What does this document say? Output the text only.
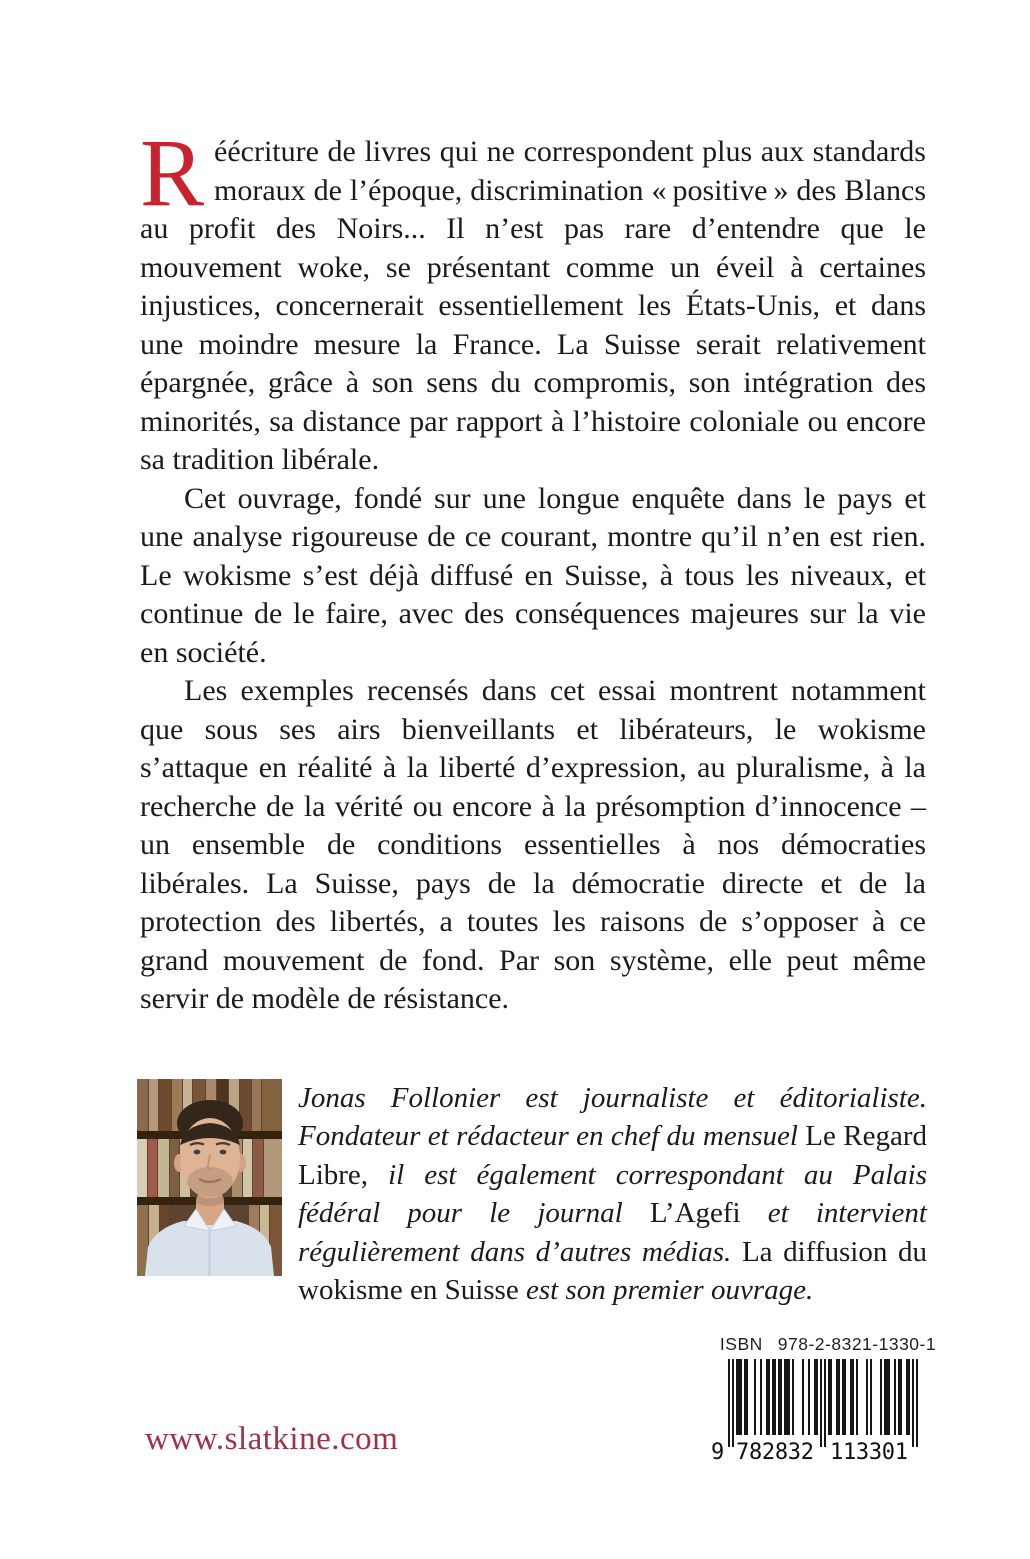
Réécriture de livres qui ne correspondent plus aux standards moraux de l’époque, discrimination « positive » des Blancs au profit des Noirs... Il n’est pas rare d’entendre que le mouvement woke, se présentant comme un éveil à certaines injustices, concernerait essentiellement les États-Unis, et dans une moindre mesure la France. La Suisse serait relativement épargnée, grâce à son sens du compromis, son intégration des minorités, sa distance par rapport à l’histoire coloniale ou encore sa tradition libérale.

Cet ouvrage, fondé sur une longue enquête dans le pays et une analyse rigoureuse de ce courant, montre qu’il n’en est rien. Le wokisme s’est déjà diffusé en Suisse, à tous les niveaux, et continue de le faire, avec des conséquences majeures sur la vie en société.

Les exemples recensés dans cet essai montrent notamment que sous ses airs bienveillants et libérateurs, le wokisme s’attaque en réalité à la liberté d’expression, au pluralisme, à la recherche de la vérité ou encore à la présomption d’innocence – un ensemble de conditions essentielles à nos démocraties libérales. La Suisse, pays de la démocratie directe et de la protection des libertés, a toutes les raisons de s’opposer à ce grand mouvement de fond. Par son système, elle peut même servir de modèle de résistance.

Jonas Follonier est journaliste et éditorialiste. Fondateur et rédacteur en chef du mensuel Le Regard Libre, il est également correspondant au Palais fédéral pour le journal L’Agefi et intervient régulièrement dans d’autres médias. La diffusion du wokisme en Suisse est son premier ouvrage.
www.slatkine.com
ISBN 978-2-8321-1330-1
9 782832 113301
